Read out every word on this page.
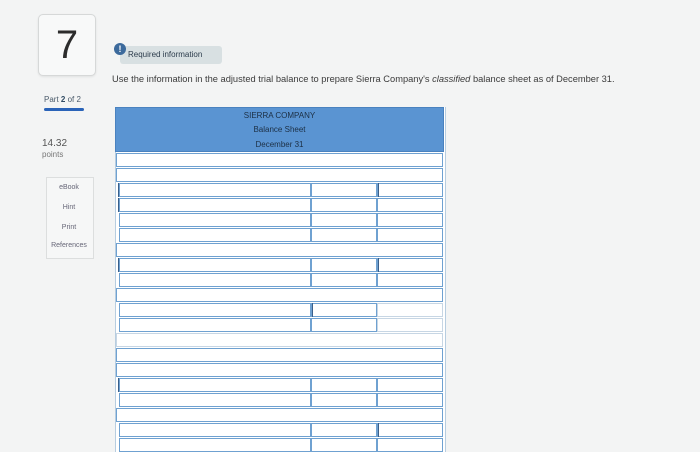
7
Part 2 of 2
14.32
points
eBook
Hint
Print
References
Required information
!
Use the information in the adjusted trial balance to prepare Sierra Company's classified balance sheet as of December 31.
SIERRA COMPANY
Balance Sheet
December 31
